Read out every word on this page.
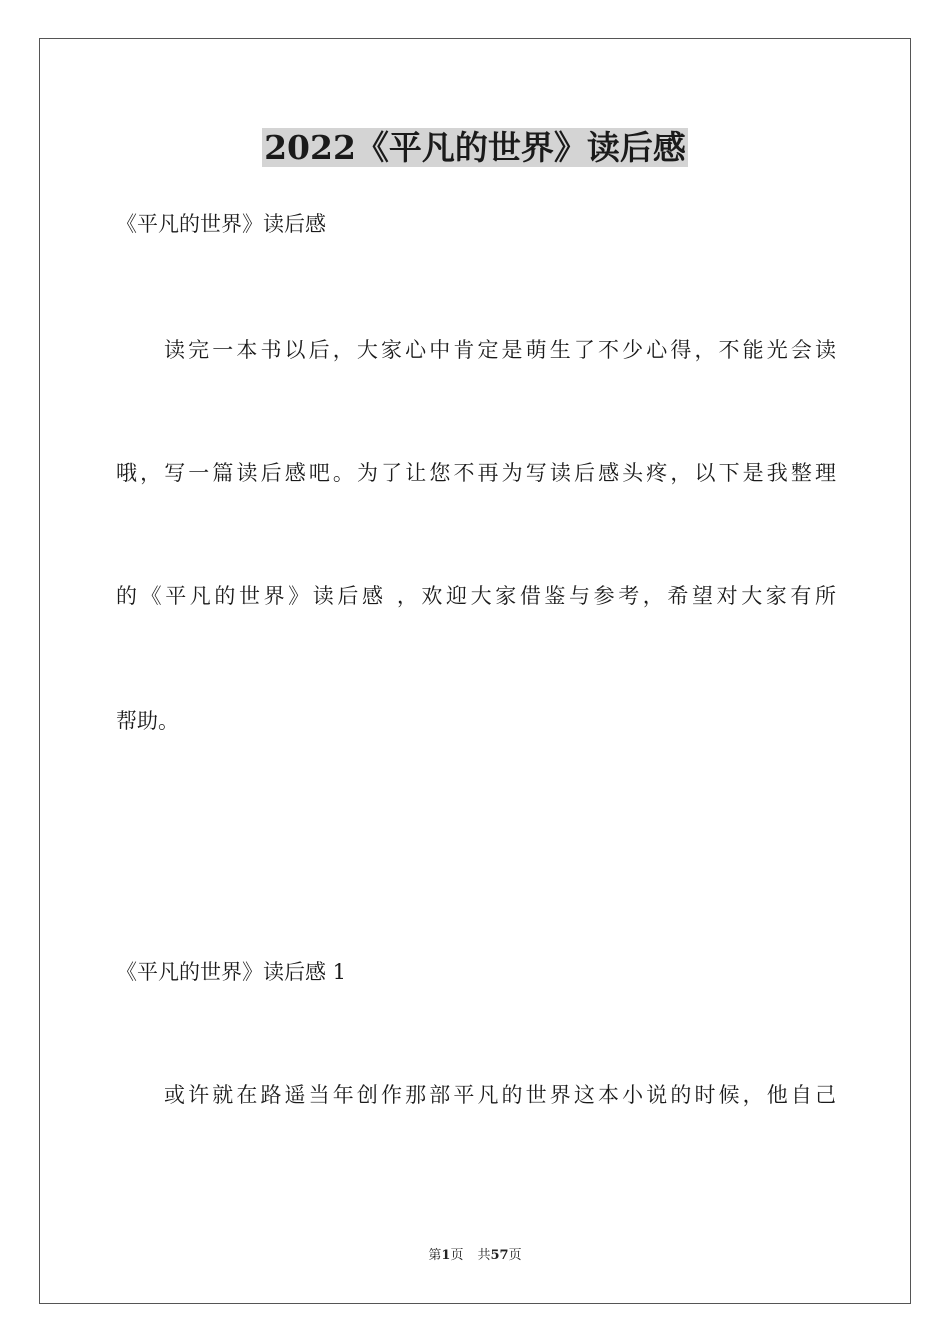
2022《平凡的世界》读后感

《平凡的世界》读后感

读完一本书以后，大家心中肯定是萌生了不少心得，不能光会读

哦，写一篇读后感吧。为了让您不再为写读后感头疼，以下是我整理

的《平凡的世界》读后感 ，欢迎大家借鉴与参考，希望对大家有所

帮助。

《平凡的世界》读后感 1

或许就在路遥当年创作那部平凡的世界这本小说的时候，他自己

第1页 共57页
